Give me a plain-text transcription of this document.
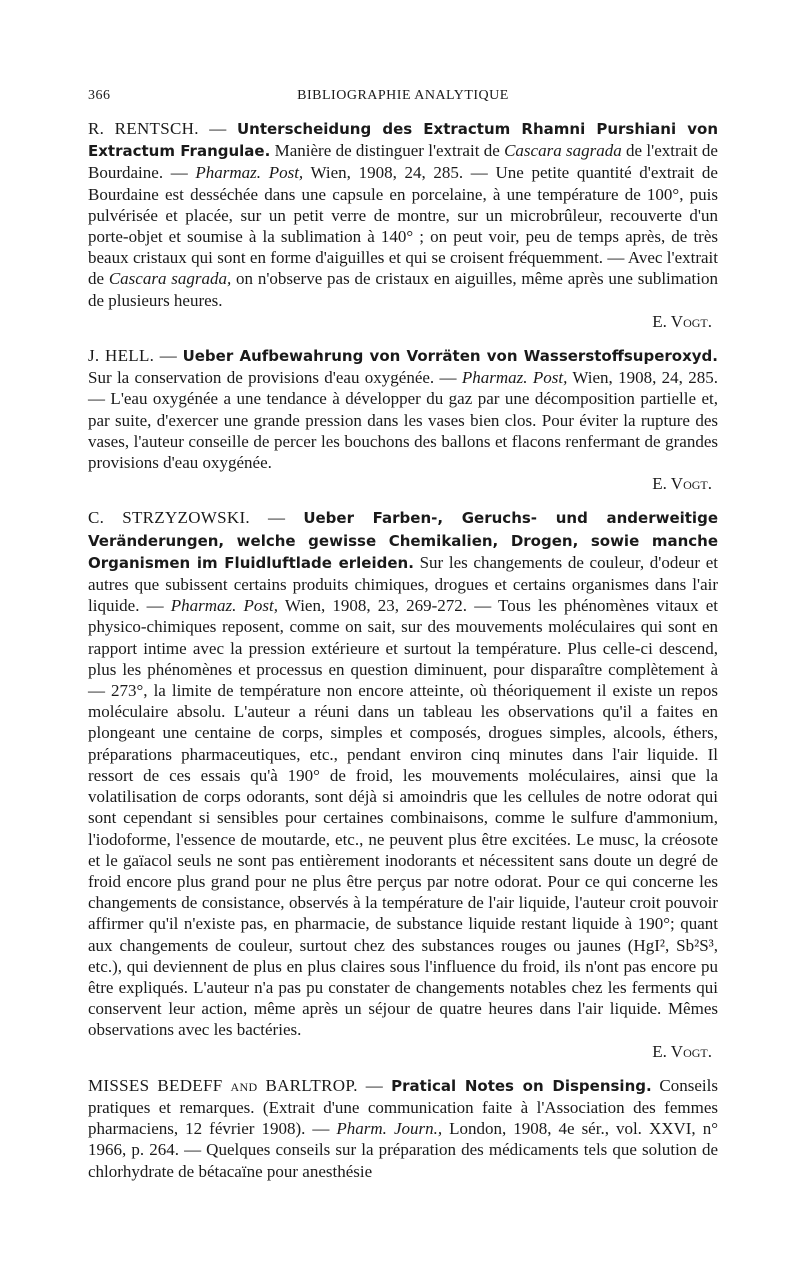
366	BIBLIOGRAPHIE ANALYTIQUE

R. RENTSCH. — Unterscheidung des Extractum Rhamni Purshiani von Extractum Frangulae. Manière de distinguer l'extrait de Cascara sagrada de l'extrait de Bourdaine. — Pharmaz. Post, Wien, 1908, 24, 285. — Une petite quantité d'extrait de Bourdaine est desséchée dans une capsule en porcelaine, à une température de 100°, puis pulvérisée et placée, sur un petit verre de montre, sur un microbrûleur, recouverte d'un porte-objet et soumise à la sublimation à 140° ; on peut voir, peu de temps après, de très beaux cristaux qui sont en forme d'aiguilles et qui se croisent fréquemment. — Avec l'extrait de Cascara sagrada, on n'observe pas de cristaux en aiguilles, même après une sublimation de plusieurs heures.

E. Vogt.

J. HELL. — Ueber Aufbewahrung von Vorräten von Wasserstoffsuperoxyd. Sur la conservation de provisions d'eau oxygénée. — Pharmaz. Post, Wien, 1908, 24, 285. — L'eau oxygénée a une tendance à développer du gaz par une décomposition partielle et, par suite, d'exercer une grande pression dans les vases bien clos. Pour éviter la rupture des vases, l'auteur conseille de percer les bouchons des ballons et flacons renfermant de grandes provisions d'eau oxygénée.

E. Vogt.

C. STRZYZOWSKI. — Ueber Farben-, Geruchs- und anderweitige Veränderungen, welche gewisse Chemikalien, Drogen, sowie manche Organismen im Fluidluftlade erleiden. Sur les changements de couleur, d'odeur et autres que subissent certains produits chimiques, drogues et certains organismes dans l'air liquide. — Pharmaz. Post, Wien, 1908, 23, 269-272. — Tous les phénomènes vitaux et physico-chimiques reposent, comme on sait, sur des mouvements moléculaires qui sont en rapport intime avec la pression extérieure et surtout la température. Plus celle-ci descend, plus les phénomènes et processus en question diminuent, pour disparaître complètement à — 273°, la limite de température non encore atteinte, où théoriquement il existe un repos moléculaire absolu. L'auteur a réuni dans un tableau les observations qu'il a faites en plongeant une centaine de corps, simples et composés, drogues simples, alcools, éthers, préparations pharmaceutiques, etc., pendant environ cinq minutes dans l'air liquide. Il ressort de ces essais qu'à 190° de froid, les mouvements moléculaires, ainsi que la volatilisation de corps odorants, sont déjà si amoindris que les cellules de notre odorat qui sont cependant si sensibles pour certaines combinaisons, comme le sulfure d'ammonium, l'iodoforme, l'essence de moutarde, etc., ne peuvent plus être excitées. Le musc, la créosote et le gaïacol seuls ne sont pas entièrement inodorants et nécessitent sans doute un degré de froid encore plus grand pour ne plus être perçus par notre odorat. Pour ce qui concerne les changements de consistance, observés à la température de l'air liquide, l'auteur croit pouvoir affirmer qu'il n'existe pas, en pharmacie, de substance liquide restant liquide à 190°; quant aux changements de couleur, surtout chez des substances rouges ou jaunes (HgI², Sb²S³, etc.), qui deviennent de plus en plus claires sous l'influence du froid, ils n'ont pas encore pu être expliqués. L'auteur n'a pas pu constater de changements notables chez les ferments qui conservent leur action, même après un séjour de quatre heures dans l'air liquide. Mêmes observations avec les bactéries.

E. Vogt.

MISSES BEDEFF and BARLTROP. — Pratical Notes on Dispensing. Conseils pratiques et remarques. (Extrait d'une communication faite à l'Association des femmes pharmaciens, 12 février 1908). — Pharm. Journ., London, 1908, 4e sér., vol. XXVI, n° 1966, p. 264. — Quelques conseils sur la préparation des médicaments tels que solution de chlorhydrate de bétacaïne pour anesthésie
